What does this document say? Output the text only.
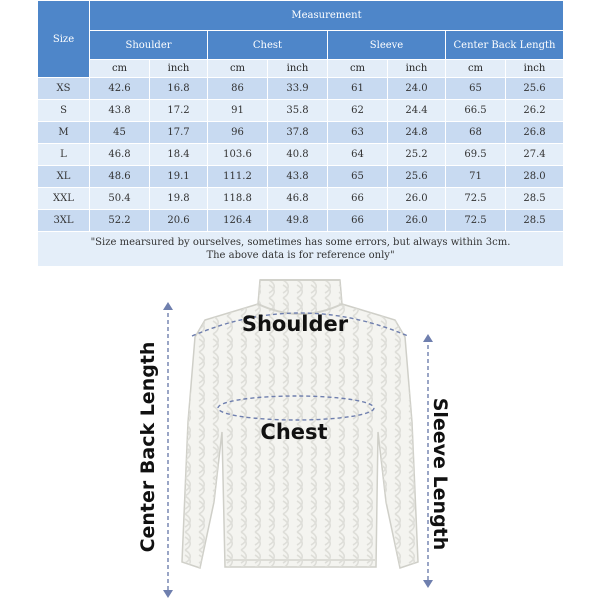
Size	Measurement							
	Shoulder		Chest		Sleeve		Center Back Length	
	cm	inch	cm	inch	cm	inch	cm	inch
XS	42.6	16.8	86	33.9	61	24.0	65	25.6
S	43.8	17.2	91	35.8	62	24.4	66.5	26.2
M	45	17.7	96	37.8	63	24.8	68	26.8
L	46.8	18.4	103.6	40.8	64	25.2	69.5	27.4
XL	48.6	19.1	111.2	43.8	65	25.6	71	28.0
XXL	50.4	19.8	118.8	46.8	66	26.0	72.5	28.5
3XL	52.2	20.6	126.4	49.8	66	26.0	72.5	28.5

"Size mearsured by ourselves, sometimes has some errors, but always within 3cm.
The above data is for reference only"								
Shoulder
Chest
Center Back Length	Sleeve Length
